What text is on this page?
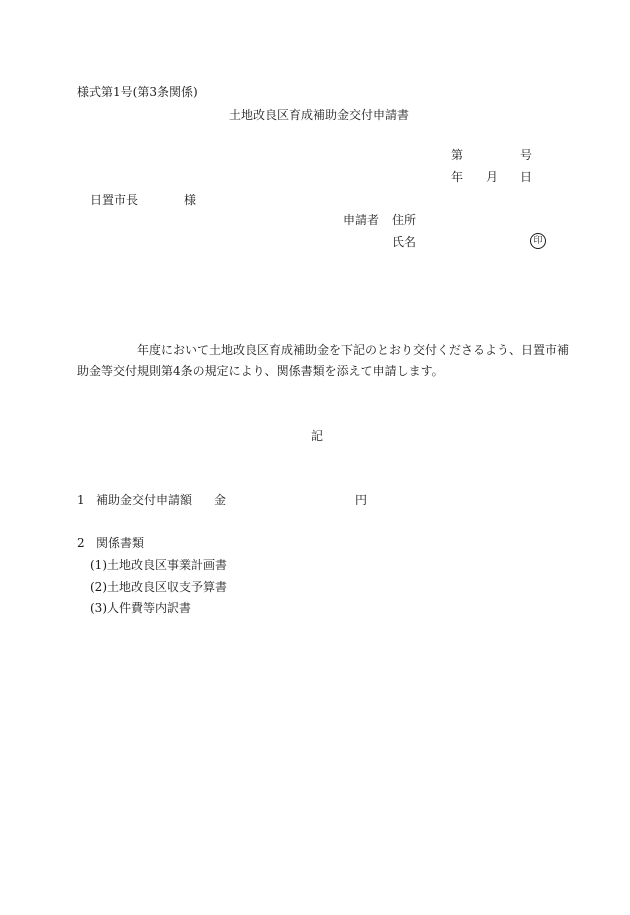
様式第1号(第3条関係)
土地改良区育成補助金交付申請書
第	号
年 月 日
日置市長	様
申請者 住所
氏名	印
年度において土地改良区育成補助金を下記のとおり交付くださるよう、日置市補
助金等交付規則第4条の規定により、関係書類を添えて申請します。
記
1 補助金交付申請額 金	円
2 関係書類
(1)土地改良区事業計画書
(2)土地改良区収支予算書
(3)人件費等内訳書
